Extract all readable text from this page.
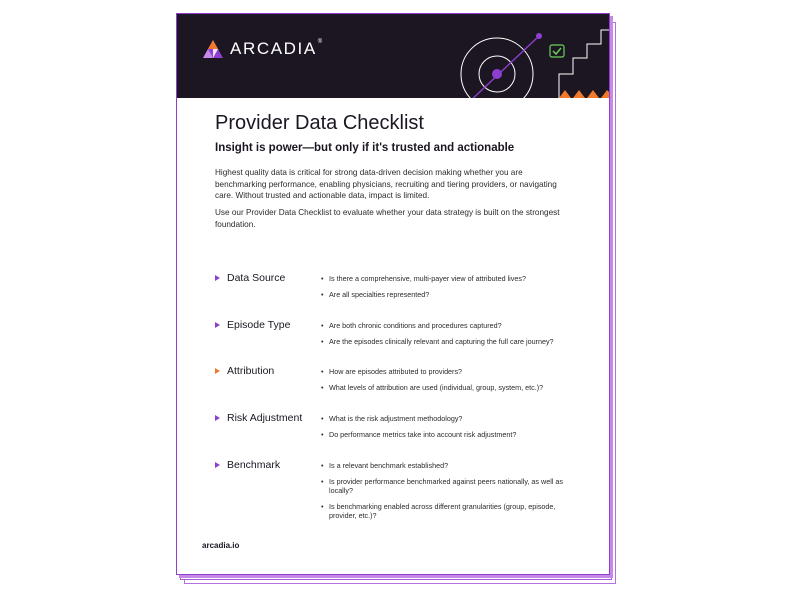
ARCADIA®
Provider Data Checklist
Insight is power—but only if it's trusted and actionable

Highest quality data is critical for strong data-driven decision making whether you are benchmarking performance, enabling physicians, recruiting and tiering providers, or navigating care. Without trusted and actionable data, impact is limited.

Use our Provider Data Checklist to evaluate whether your data strategy is built on the strongest foundation.

Data Source	• Is there a comprehensive, multi-payer view of attributed lives?
• Are all specialties represented?
Episode Type	• Are both chronic conditions and procedures captured?
• Are the episodes clinically relevant and capturing the full care journey?
Attribution	• How are episodes attributed to providers?
• What levels of attribution are used (individual, group, system, etc.)?
Risk Adjustment	• What is the risk adjustment methodology?
• Do performance metrics take into account risk adjustment?
Benchmark	• Is a relevant benchmark established?
• Is provider performance benchmarked against peers nationally, as well as locally?
• Is benchmarking enabled across different granularities (group, episode, provider, etc.)?
arcadia.io
